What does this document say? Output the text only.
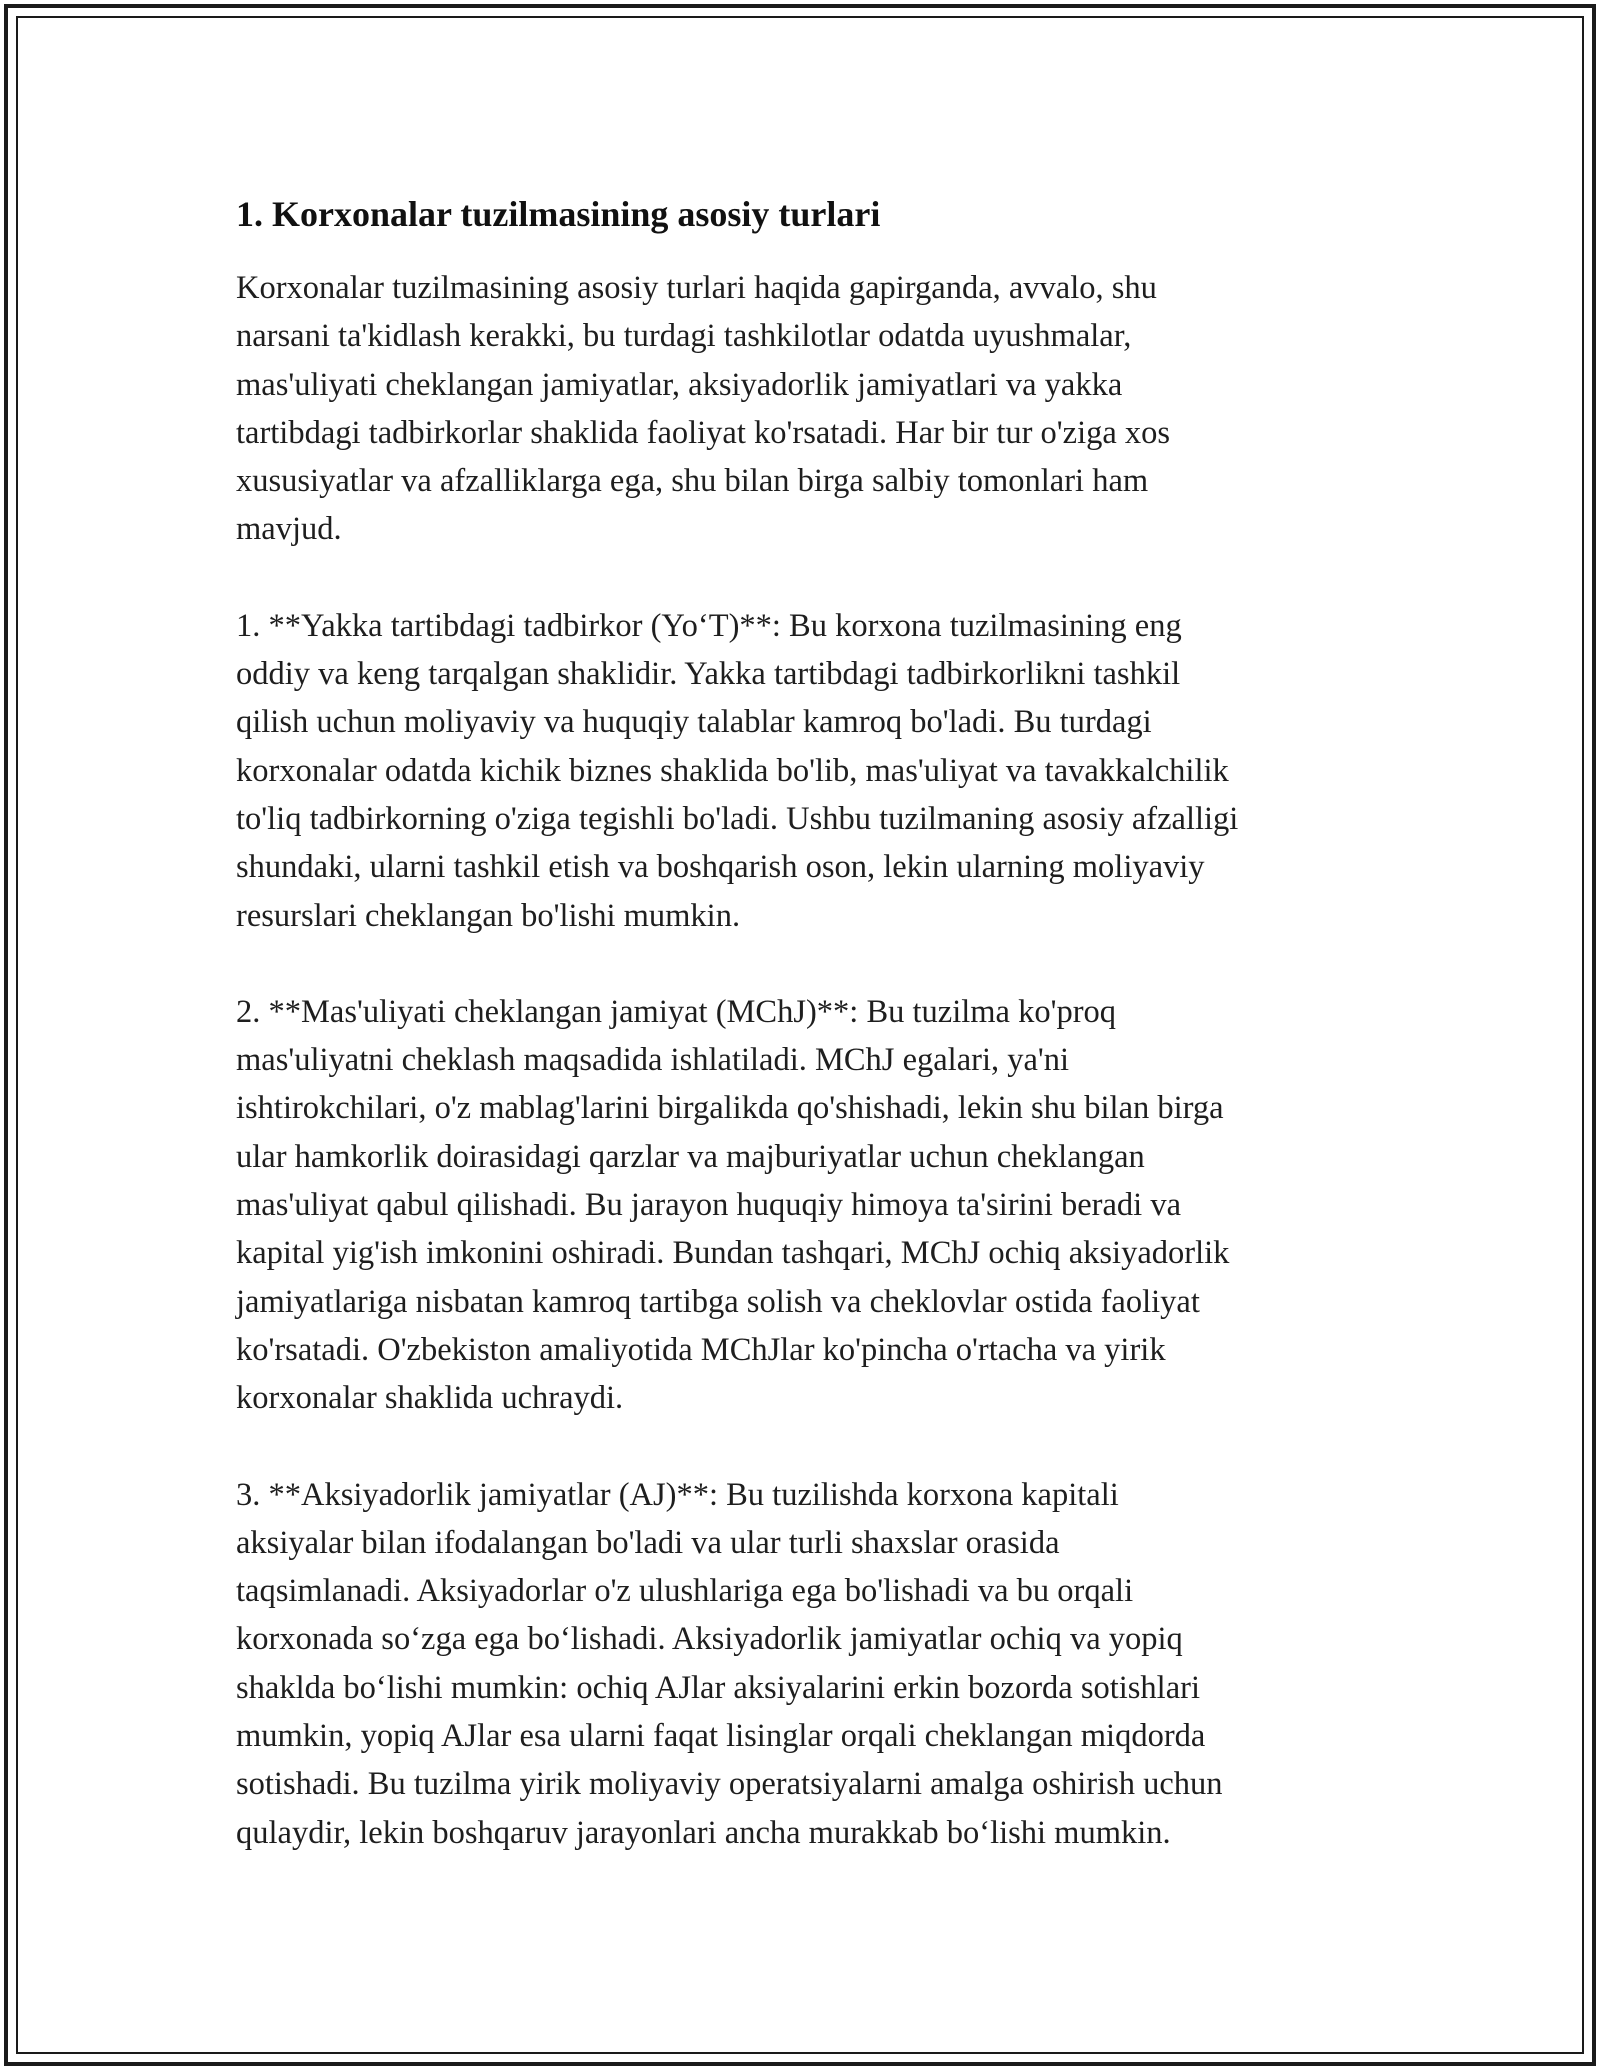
1. Korxonalar tuzilmasining asosiy turlari

Korxonalar tuzilmasining asosiy turlari haqida gapirganda, avvalo, shu
narsani ta'kidlash kerakki, bu turdagi tashkilotlar odatda uyushmalar,
mas'uliyati cheklangan jamiyatlar, aksiyadorlik jamiyatlari va yakka
tartibdagi tadbirkorlar shaklida faoliyat ko'rsatadi. Har bir tur o'ziga xos
xususiyatlar va afzalliklarga ega, shu bilan birga salbiy tomonlari ham
mavjud.

1. **Yakka tartibdagi tadbirkor (Yo‘T)**: Bu korxona tuzilmasining eng
oddiy va keng tarqalgan shaklidir. Yakka tartibdagi tadbirkorlikni tashkil
qilish uchun moliyaviy va huquqiy talablar kamroq bo'ladi. Bu turdagi
korxonalar odatda kichik biznes shaklida bo'lib, mas'uliyat va tavakkalchilik
to'liq tadbirkorning o'ziga tegishli bo'ladi. Ushbu tuzilmaning asosiy afzalligi
shundaki, ularni tashkil etish va boshqarish oson, lekin ularning moliyaviy
resurslari cheklangan bo'lishi mumkin.

2. **Mas'uliyati cheklangan jamiyat (MChJ)**: Bu tuzilma ko'proq
mas'uliyatni cheklash maqsadida ishlatiladi. MChJ egalari, ya'ni
ishtirokchilari, o'z mablag'larini birgalikda qo'shishadi, lekin shu bilan birga
ular hamkorlik doirasidagi qarzlar va majburiyatlar uchun cheklangan
mas'uliyat qabul qilishadi. Bu jarayon huquqiy himoya ta'sirini beradi va
kapital yig'ish imkonini oshiradi. Bundan tashqari, MChJ ochiq aksiyadorlik
jamiyatlariga nisbatan kamroq tartibga solish va cheklovlar ostida faoliyat
ko'rsatadi. O'zbekiston amaliyotida MChJlar ko'pincha o'rtacha va yirik
korxonalar shaklida uchraydi.

3. **Aksiyadorlik jamiyatlar (AJ)**: Bu tuzilishda korxona kapitali
aksiyalar bilan ifodalangan bo'ladi va ular turli shaxslar orasida
taqsimlanadi. Aksiyadorlar o'z ulushlariga ega bo'lishadi va bu orqali
korxonada so‘zga ega bo‘lishadi. Aksiyadorlik jamiyatlar ochiq va yopiq
shaklda bo‘lishi mumkin: ochiq AJlar aksiyalarini erkin bozorda sotishlari
mumkin, yopiq AJlar esa ularni faqat lisinglar orqali cheklangan miqdorda
sotishadi. Bu tuzilma yirik moliyaviy operatsiyalarni amalga oshirish uchun
qulaydir, lekin boshqaruv jarayonlari ancha murakkab bo‘lishi mumkin.
